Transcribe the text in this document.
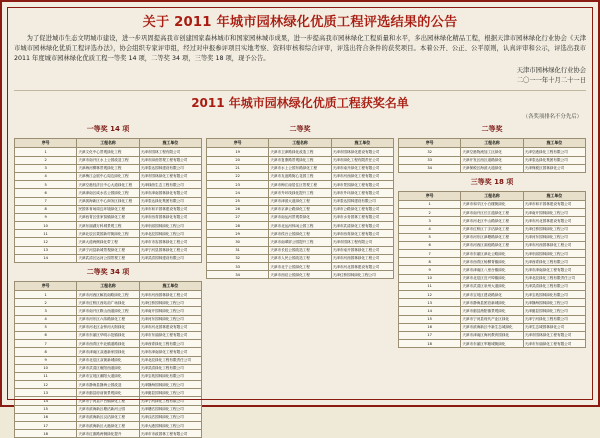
关于 2011 年城市园林绿化优质工程评选结果的公告
为了促进城市生态文明城市建设，进一步巩固提高我市创建国家森林城市和国家园林城市成果，进一步提高我市园林绿化工程质量和水平，多出园林绿化精品工程，根据天津市园林绿化行业协会《天津市城市园林绿化优质工程评选办法》，协会组织专家评审组，经过对申报参评项目实地考察、资料审核和综合评审，评选出符合条件的获奖项目。本着公开、公正、公平原则，认真评审和公示，评选出我市 2011 年度城市园林绿化优质工程一等奖 14 项，二等奖 34 项，三等奖 18 项，现予公告。
天津市园林绿化行业协会
二〇一一年十月二十一日
2011 年城市园林绿化优质工程获奖名单
（各奖项排名不分先后）
一等奖 14 项
序号	工程名称	施工单位
1	天津文化中心景观绿化工程	天津市园林工程有限公司
2	天津市南开区水上公园改造工程	天津市绿茵景观工程有限公司
3	天津海河柳林景观绿化工程	天津泰达园林建设有限公司
4	天津梅江会展中心周边绿化工程	天津市园林绿化工程有限公司
5	天津空港经济区中心大道绿化工程	天津绿茵生态工程有限公司
6	天津津南区咸水沽公园绿化工程	天津市津南园林绿化有限公司
7	天津滨海新区中心商务区绿化工程	天津泰达绿化集团有限公司
8	民园体育场周边环境绿化工程	天津市和平园林建设有限公司
9	天津西青区张家窝镇绿化工程	天津市西青园林绿化有限公司
10	天津东丽湖万科城景观工程	天津东丽园林绿化工程公司
11	天津北辰区果园新村街绿化工程	天津北辰园林绿化工程公司
12	天津大道两侧绿化带工程	天津市市容园林绿化工程公司
13	天津宁河县新城景观绿化工程	天津宁河县园林绿化工程公司
14	天津武清区运河公园景观工程	天津武清园林建设有限公司
二等奖 34 项
序号	工程名称	施工单位
1	天津市河西区解放南路绿化工程	天津市河西园林绿化工程公司
2	天津市红桥区西站前广场绿化	天津红桥园林绿化工程公司
3	天津市南开区鞍山西道绿化工程	天津南开园林绿化工程公司
4	天津市河东区六纬路绿化工程	天津河东园林绿化工程公司
5	天津市河北区金钟河大街绿化	天津市河北园林建设有限公司
6	天津市东丽区华明示范镇绿化	天津市东丽绿化工程有限公司
7	天津市西青区中北镇道路绿化	天津西青绿化工程有限公司
8	天津市津南区双港新家园绿化	天津市津南绿化工程有限公司
9	天津市北辰区双街新城绿化	天津北辰绿化工程有限责任公司
10	天津市武清区雍阳西道绿化	天津武清绿化工程有限公司
11	天津市宝坻区潮阳大道绿化	天津宝坻园林绿化有限公司
12	天津市静海县静海公园改造	天津静海园林绿化工程公司
13	天津市蓟县府前街景观绿化	天津蓟县园林绿化工程公司
14	天津市宁河县芦台镇绿化工程	天津宁河绿化工程有限公司
15	天津市滨海新区塘沽新河公园	天津塘沽园林绿化工程公司
16	天津市滨海新区汉沽绿化工程	天津汉沽园林绿化工程公司
17	天津市滨海新区大港绿化工程	天津大港园林绿化工程公司
18	天津市红旗路两侧绿化提升	天津市市政园林工程有限公司
二等奖
序号	工程名称	施工单位
19	天津市卫津路绿化改造工程	天津市园林绿化建设有限公司
20	天津市复康路景观绿化工程	天津市绿化工程有限责任公司
21	天津市水上公园东路绿化工程	天津市南开绿化工程有限公司
22	天津市友谊路街心花园工程	天津市河西绿化工程有限公司
23	天津市梅江南居住区景观工程	天津市景园绿化工程有限公司
24	天津市外环线绿化提升工程	天津市外环绿化工程有限公司
25	天津市津滨大道绿化工程	天津泰达园林建设有限公司
26	天津市京津公路绿化工程	天津市公路绿化工程有限公司
27	天津市南运河景观带绿化	天津市水务园林工程有限公司
28	天津市北运河休闲公园工程	天津市武清绿化工程有限公司
29	天津市侯台公园绿化工程	天津市西青绿化工程有限公司
30	天津市南翠屏公园提升工程	天津市园林工程有限公司
31	天津市长虹公园改造工程	天津市南开园林绿化工程公司
32	天津市人民公园改造工程	天津市河西园林绿化工程公司
33	天津市北宁公园绿化工程	天津市河北园林建设有限公司
34	天津市西沽公园绿化工程	天津红桥园林绿化工程公司
二等奖
序号	工程名称	施工单位
32	天津空港物流加工区绿化	天津空港绿化工程有限公司
33	天津开发区西区道路绿化	天津泰达绿化集团有限公司
34	天津保税区海滨大道绿化	天津保税区园林绿化公司
三等奖 18 项
序号	工程名称	施工单位
1	天津市和平区小白楼街绿化	天津市和平园林建设有限公司
2	天津市南开区长江道绿化工程	天津南开园林绿化工程公司
3	天津市河北区中山路绿化工程	天津市河北园林建设有限公司
4	天津市红桥区丁字沽绿化工程	天津红桥园林绿化工程公司
5	天津市河东区津塘路绿化工程	天津河东园林绿化工程公司
6	天津市河西区洞庭路绿化工程	天津市河西园林绿化工程公司
7	天津市东丽区津北公路绿化	天津东丽园林绿化工程公司
8	天津市西青区杨柳青镇绿化	天津西青绿化工程有限公司
9	天津市津南区八里台镇绿化	天津市津南绿化工程有限公司
10	天津市北辰区宜兴埠镇绿化	天津北辰绿化工程有限责任公司
11	天津市武清区泉州大道绿化	天津武清绿化工程有限公司
12	天津市宝坻区建设路绿化	天津宝坻园林绿化有限公司
13	天津市静海县团泊新城绿化	天津静海园林绿化工程公司
14	天津市蓟县渔阳镇景观绿化	天津蓟县园林绿化工程公司
15	天津市宁河县现代产业区绿化	天津宁河绿化工程有限公司
16	天津市滨海新区中新生态城绿化	天津生态城园林绿化公司
17	天津市津南区海河教育园绿化	天津市园林绿化工程有限公司
18	天津市东丽区军粮城街绿化	天津市东丽绿化工程有限公司
